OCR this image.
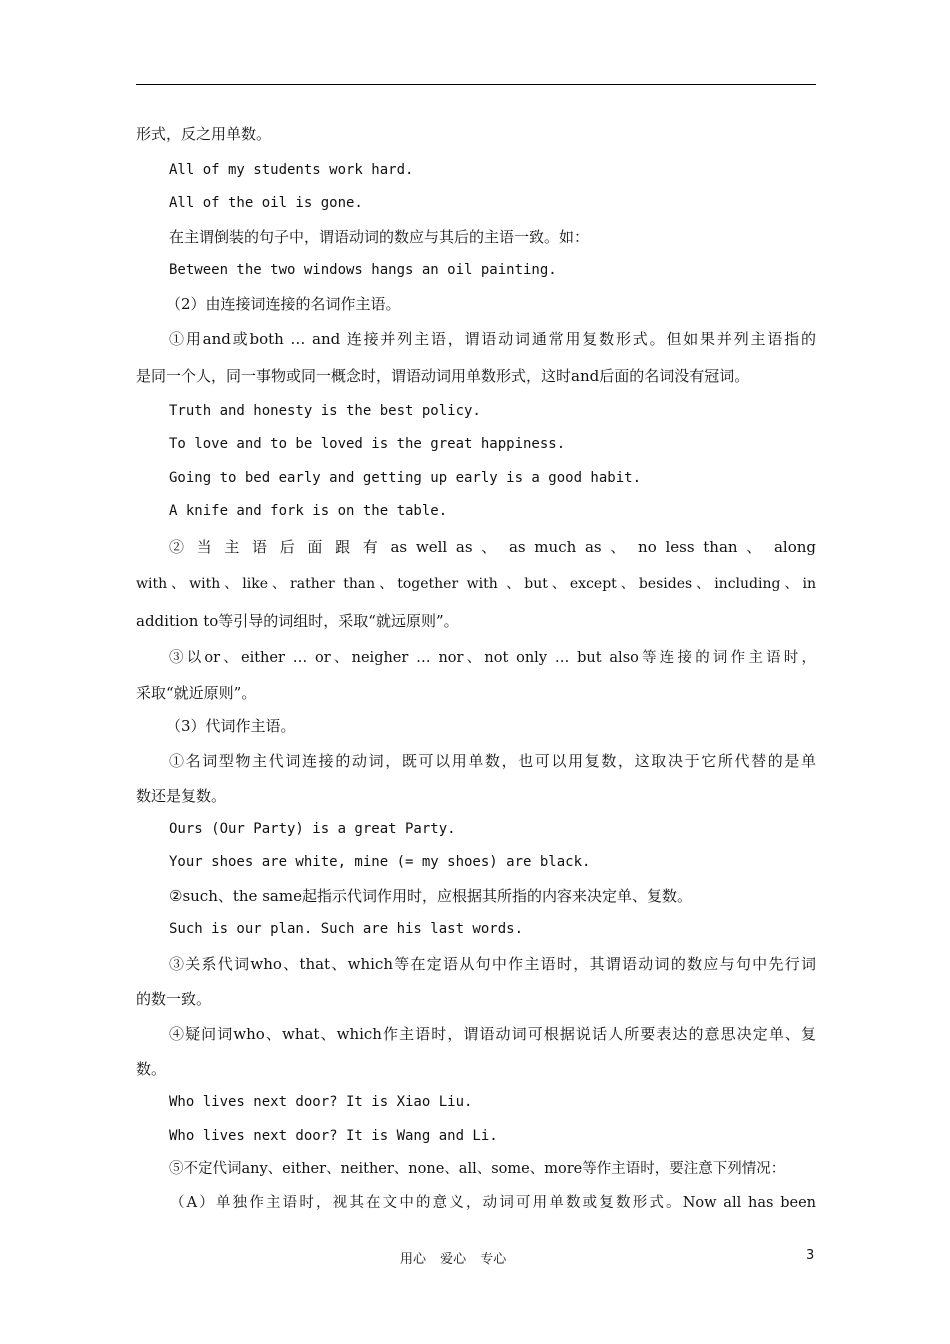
形式，反之用单数。
All of my students work hard.
All of the oil is gone.
在主谓倒装的句子中，谓语动词的数应与其后的主语一致。如：
Between the two windows hangs an oil painting.
（2）由连接词连接的名词作主语。
①用and或both … and 连接并列主语，谓语动词通常用复数形式。但如果并列主语指的
是同一个人，同一事物或同一概念时，谓语动词用单数形式，这时and后面的名词没有冠词。
Truth and honesty is the best policy.
To love and to be loved is the great happiness.
Going to bed early and getting up early is a good habit.
A knife and fork is on the table.
② 当 主 语 后 面 跟 有 as well as 、 as much as 、 no less than 、 along
with、with、like、rather than、together with 、but、except、besides、including、in
addition to等引导的词组时，采取“就远原则”。
③以or、either … or、neigher … nor、not only … but also等连接的词作主语时，
采取“就近原则”。
（3）代词作主语。
①名词型物主代词连接的动词，既可以用单数，也可以用复数，这取决于它所代替的是单
数还是复数。
Ours (Our Party) is a great Party.
Your shoes are white, mine (= my shoes) are black.
②such、the same起指示代词作用时，应根据其所指的内容来决定单、复数。
Such is our plan. Such are his last words.
③关系代词who、that、which等在定语从句中作主语时，其谓语动词的数应与句中先行词
的数一致。
④疑问词who、what、which作主语时，谓语动词可根据说话人所要表达的意思决定单、复
数。
Who lives next door? It is Xiao Liu.
Who lives next door? It is Wang and Li.
⑤不定代词any、either、neither、none、all、some、more等作主语时，要注意下列情况：
（A）单独作主语时，视其在文中的意义，动词可用单数或复数形式。Now all has been
用心 爱心 专心	3
